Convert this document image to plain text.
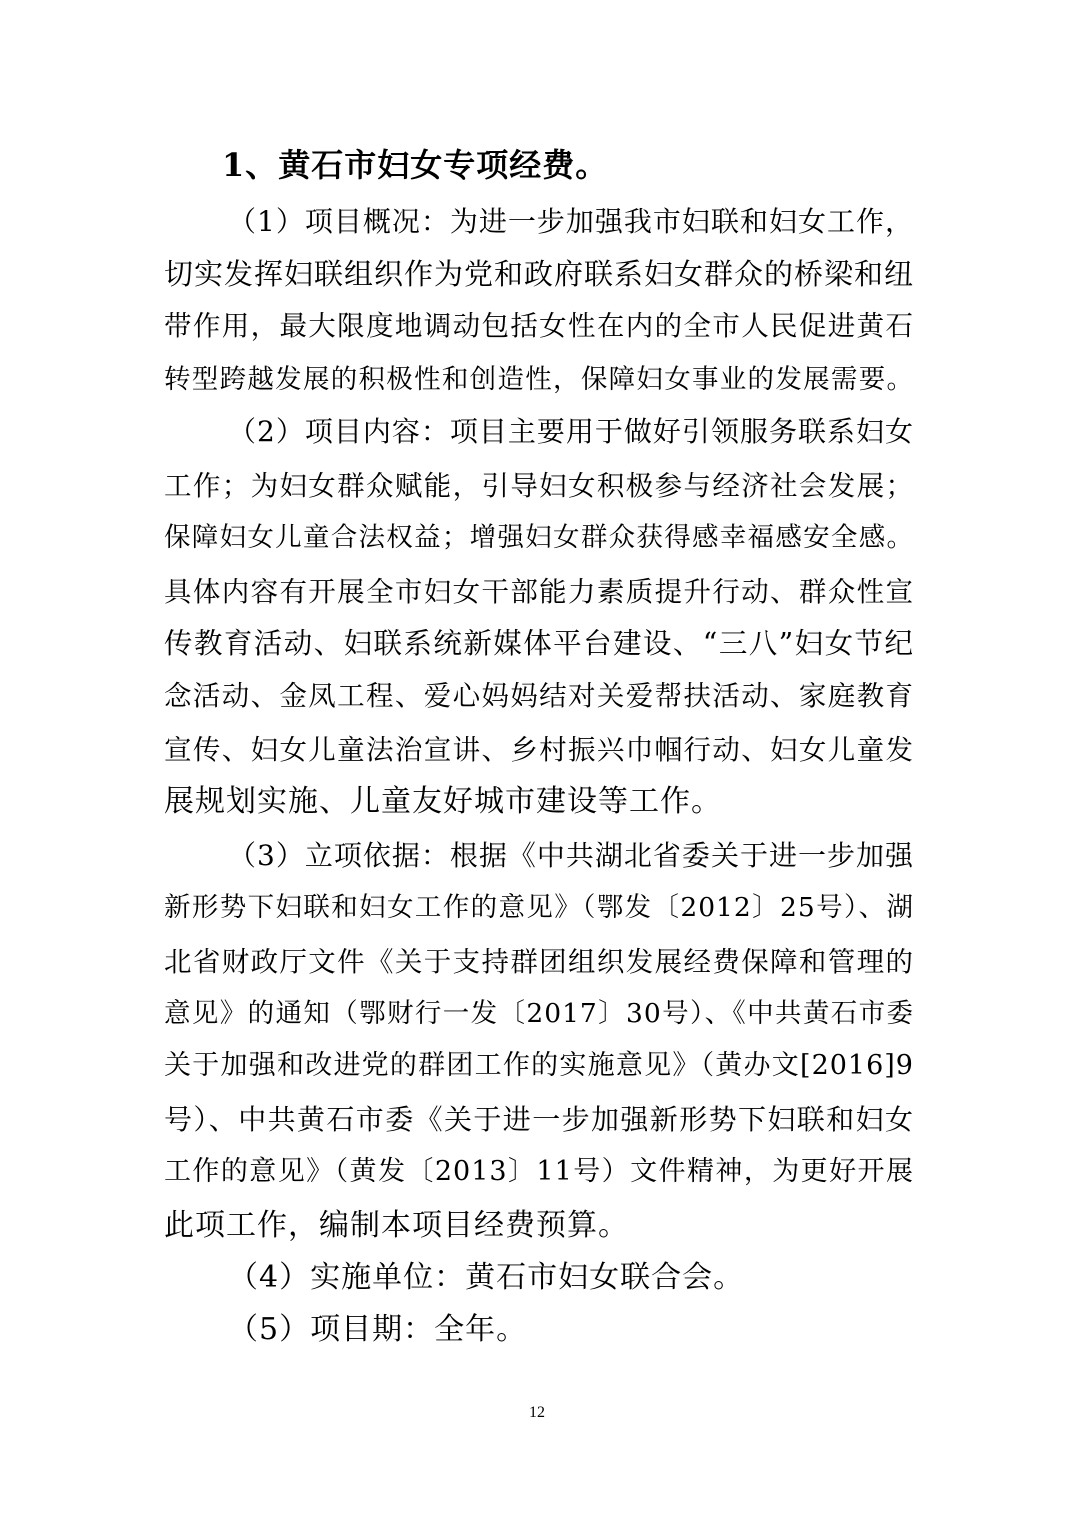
1、黄石市妇女专项经费。
（1）项目概况：为进一步加强我市妇联和妇女工作，
切实发挥妇联组织作为党和政府联系妇女群众的桥梁和纽
带作用，最大限度地调动包括女性在内的全市人民促进黄石
转型跨越发展的积极性和创造性，保障妇女事业的发展需要。
（2）项目内容：项目主要用于做好引领服务联系妇女
工作；为妇女群众赋能，引导妇女积极参与经济社会发展；
保障妇女儿童合法权益；增强妇女群众获得感幸福感安全感。
具体内容有开展全市妇女干部能力素质提升行动、群众性宣
传教育活动、妇联系统新媒体平台建设、“三八”妇女节纪
念活动、金凤工程、爱心妈妈结对关爱帮扶活动、家庭教育
宣传、妇女儿童法治宣讲、乡村振兴巾帼行动、妇女儿童发
展规划实施、儿童友好城市建设等工作。
（3）立项依据：根据《中共湖北省委关于进一步加强
新形势下妇联和妇女工作的意见》（鄂发〔2012〕25号）、湖
北省财政厅文件《关于支持群团组织发展经费保障和管理的
意见》的通知（鄂财行一发〔2017〕30号）、《中共黄石市委
关于加强和改进党的群团工作的实施意见》（黄办文[2016]9
号）、中共黄石市委《关于进一步加强新形势下妇联和妇女
工作的意见》（黄发〔2013〕11号）文件精神，为更好开展
此项工作，编制本项目经费预算。
（4）实施单位：黄石市妇女联合会。
（5）项目期：全年。
12
